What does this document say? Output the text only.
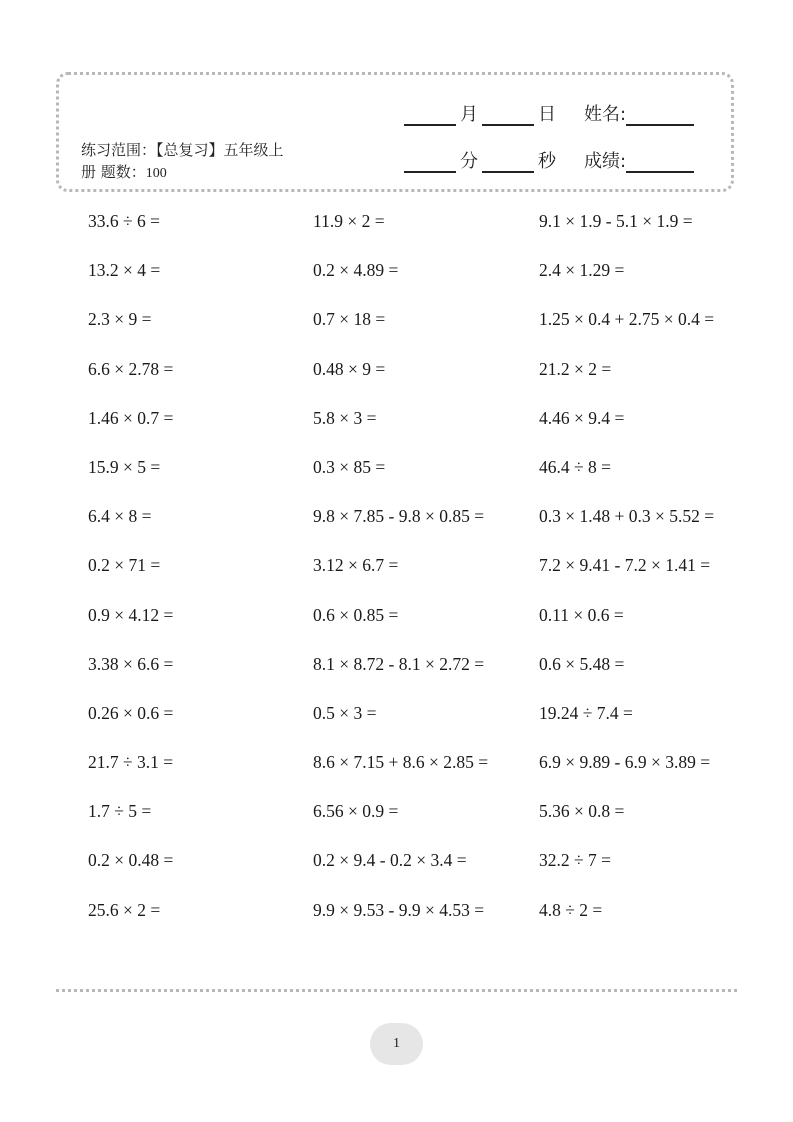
练习范围：【总复习】五年级上
册 题数：100
月	日 姓名:
分	秒 成绩:
33.6 ÷ 6 =	11.9 × 2 =	9.1 × 1.9 - 5.1 × 1.9 =
13.2 × 4 =	0.2 × 4.89 =	2.4 × 1.29 =
2.3 × 9 =	0.7 × 18 =	1.25 × 0.4 + 2.75 × 0.4 =
6.6 × 2.78 =	0.48 × 9 =	21.2 × 2 =
1.46 × 0.7 =	5.8 × 3 =	4.46 × 9.4 =
15.9 × 5 =	0.3 × 85 =	46.4 ÷ 8 =
6.4 × 8 =	9.8 × 7.85 - 9.8 × 0.85 =	0.3 × 1.48 + 0.3 × 5.52 =
0.2 × 71 =	3.12 × 6.7 =	7.2 × 9.41 - 7.2 × 1.41 =
0.9 × 4.12 =	0.6 × 0.85 =	0.11 × 0.6 =
3.38 × 6.6 =	8.1 × 8.72 - 8.1 × 2.72 =	0.6 × 5.48 =
0.26 × 0.6 =	0.5 × 3 =	19.24 ÷ 7.4 =
21.7 ÷ 3.1 =	8.6 × 7.15 + 8.6 × 2.85 =	6.9 × 9.89 - 6.9 × 3.89 =
1.7 ÷ 5 =	6.56 × 0.9 =	5.36 × 0.8 =
0.2 × 0.48 =	0.2 × 9.4 - 0.2 × 3.4 =	32.2 ÷ 7 =
25.6 × 2 =	9.9 × 9.53 - 9.9 × 4.53 =	4.8 ÷ 2 =
1
